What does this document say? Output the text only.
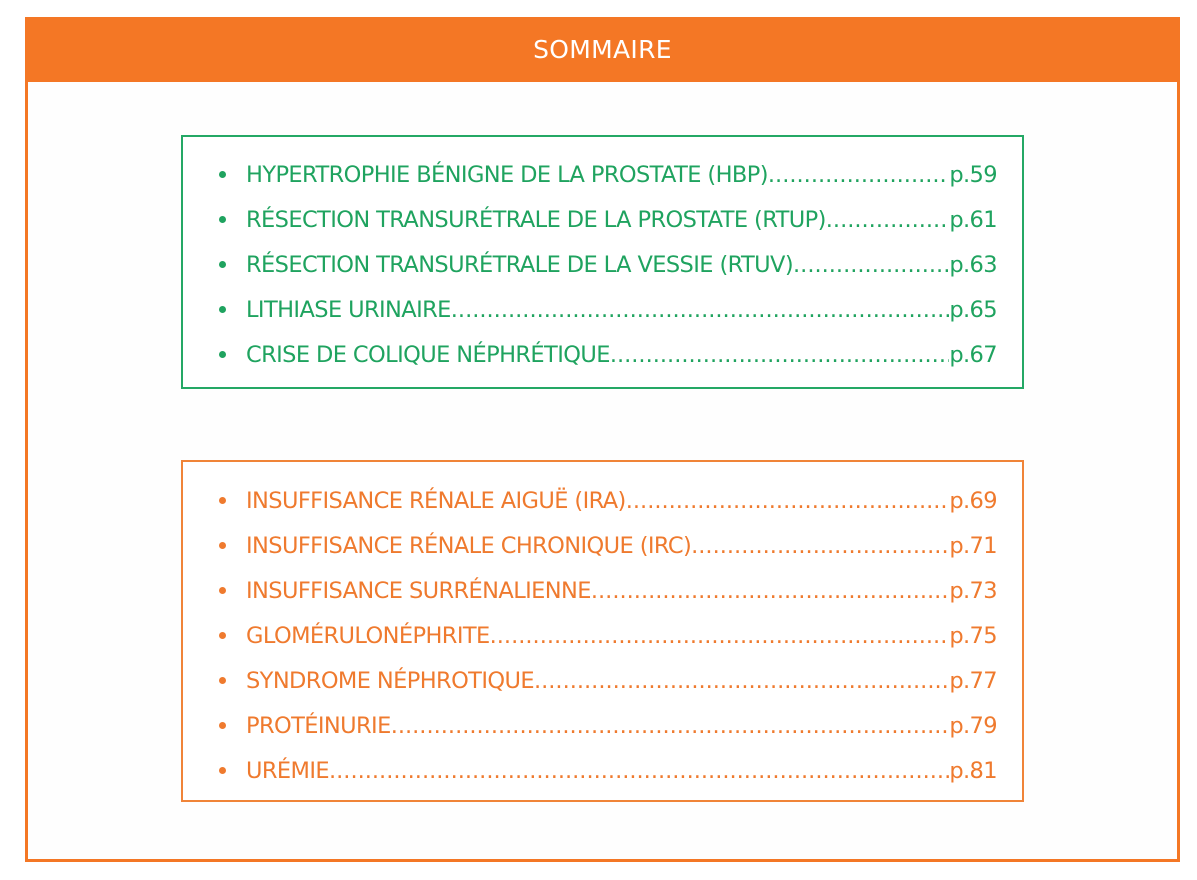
SOMMAIRE
HYPERTROPHIE BÉNIGNE DE LA PROSTATE (HBP) .....	p.59
RÉSECTION TRANSURÉTRALE DE LA PROSTATE (RTUP) .....	p.61
RÉSECTION TRANSURÉTRALE DE LA VESSIE (RTUV) .....	p.63
LITHIASE URINAIRE .....	p.65
CRISE DE COLIQUE NÉPHRÉTIQUE .....	p.67
INSUFFISANCE RÉNALE AIGUË (IRA) .....	p.69
INSUFFISANCE RÉNALE CHRONIQUE (IRC) .....	p.71
INSUFFISANCE SURRÉNALIENNE .....	p.73
GLOMÉRULONÉPHRITE .....	p.75
SYNDROME NÉPHROTIQUE .....	p.77
PROTÉINURIE .....	p.79
URÉMIE .....	p.81
